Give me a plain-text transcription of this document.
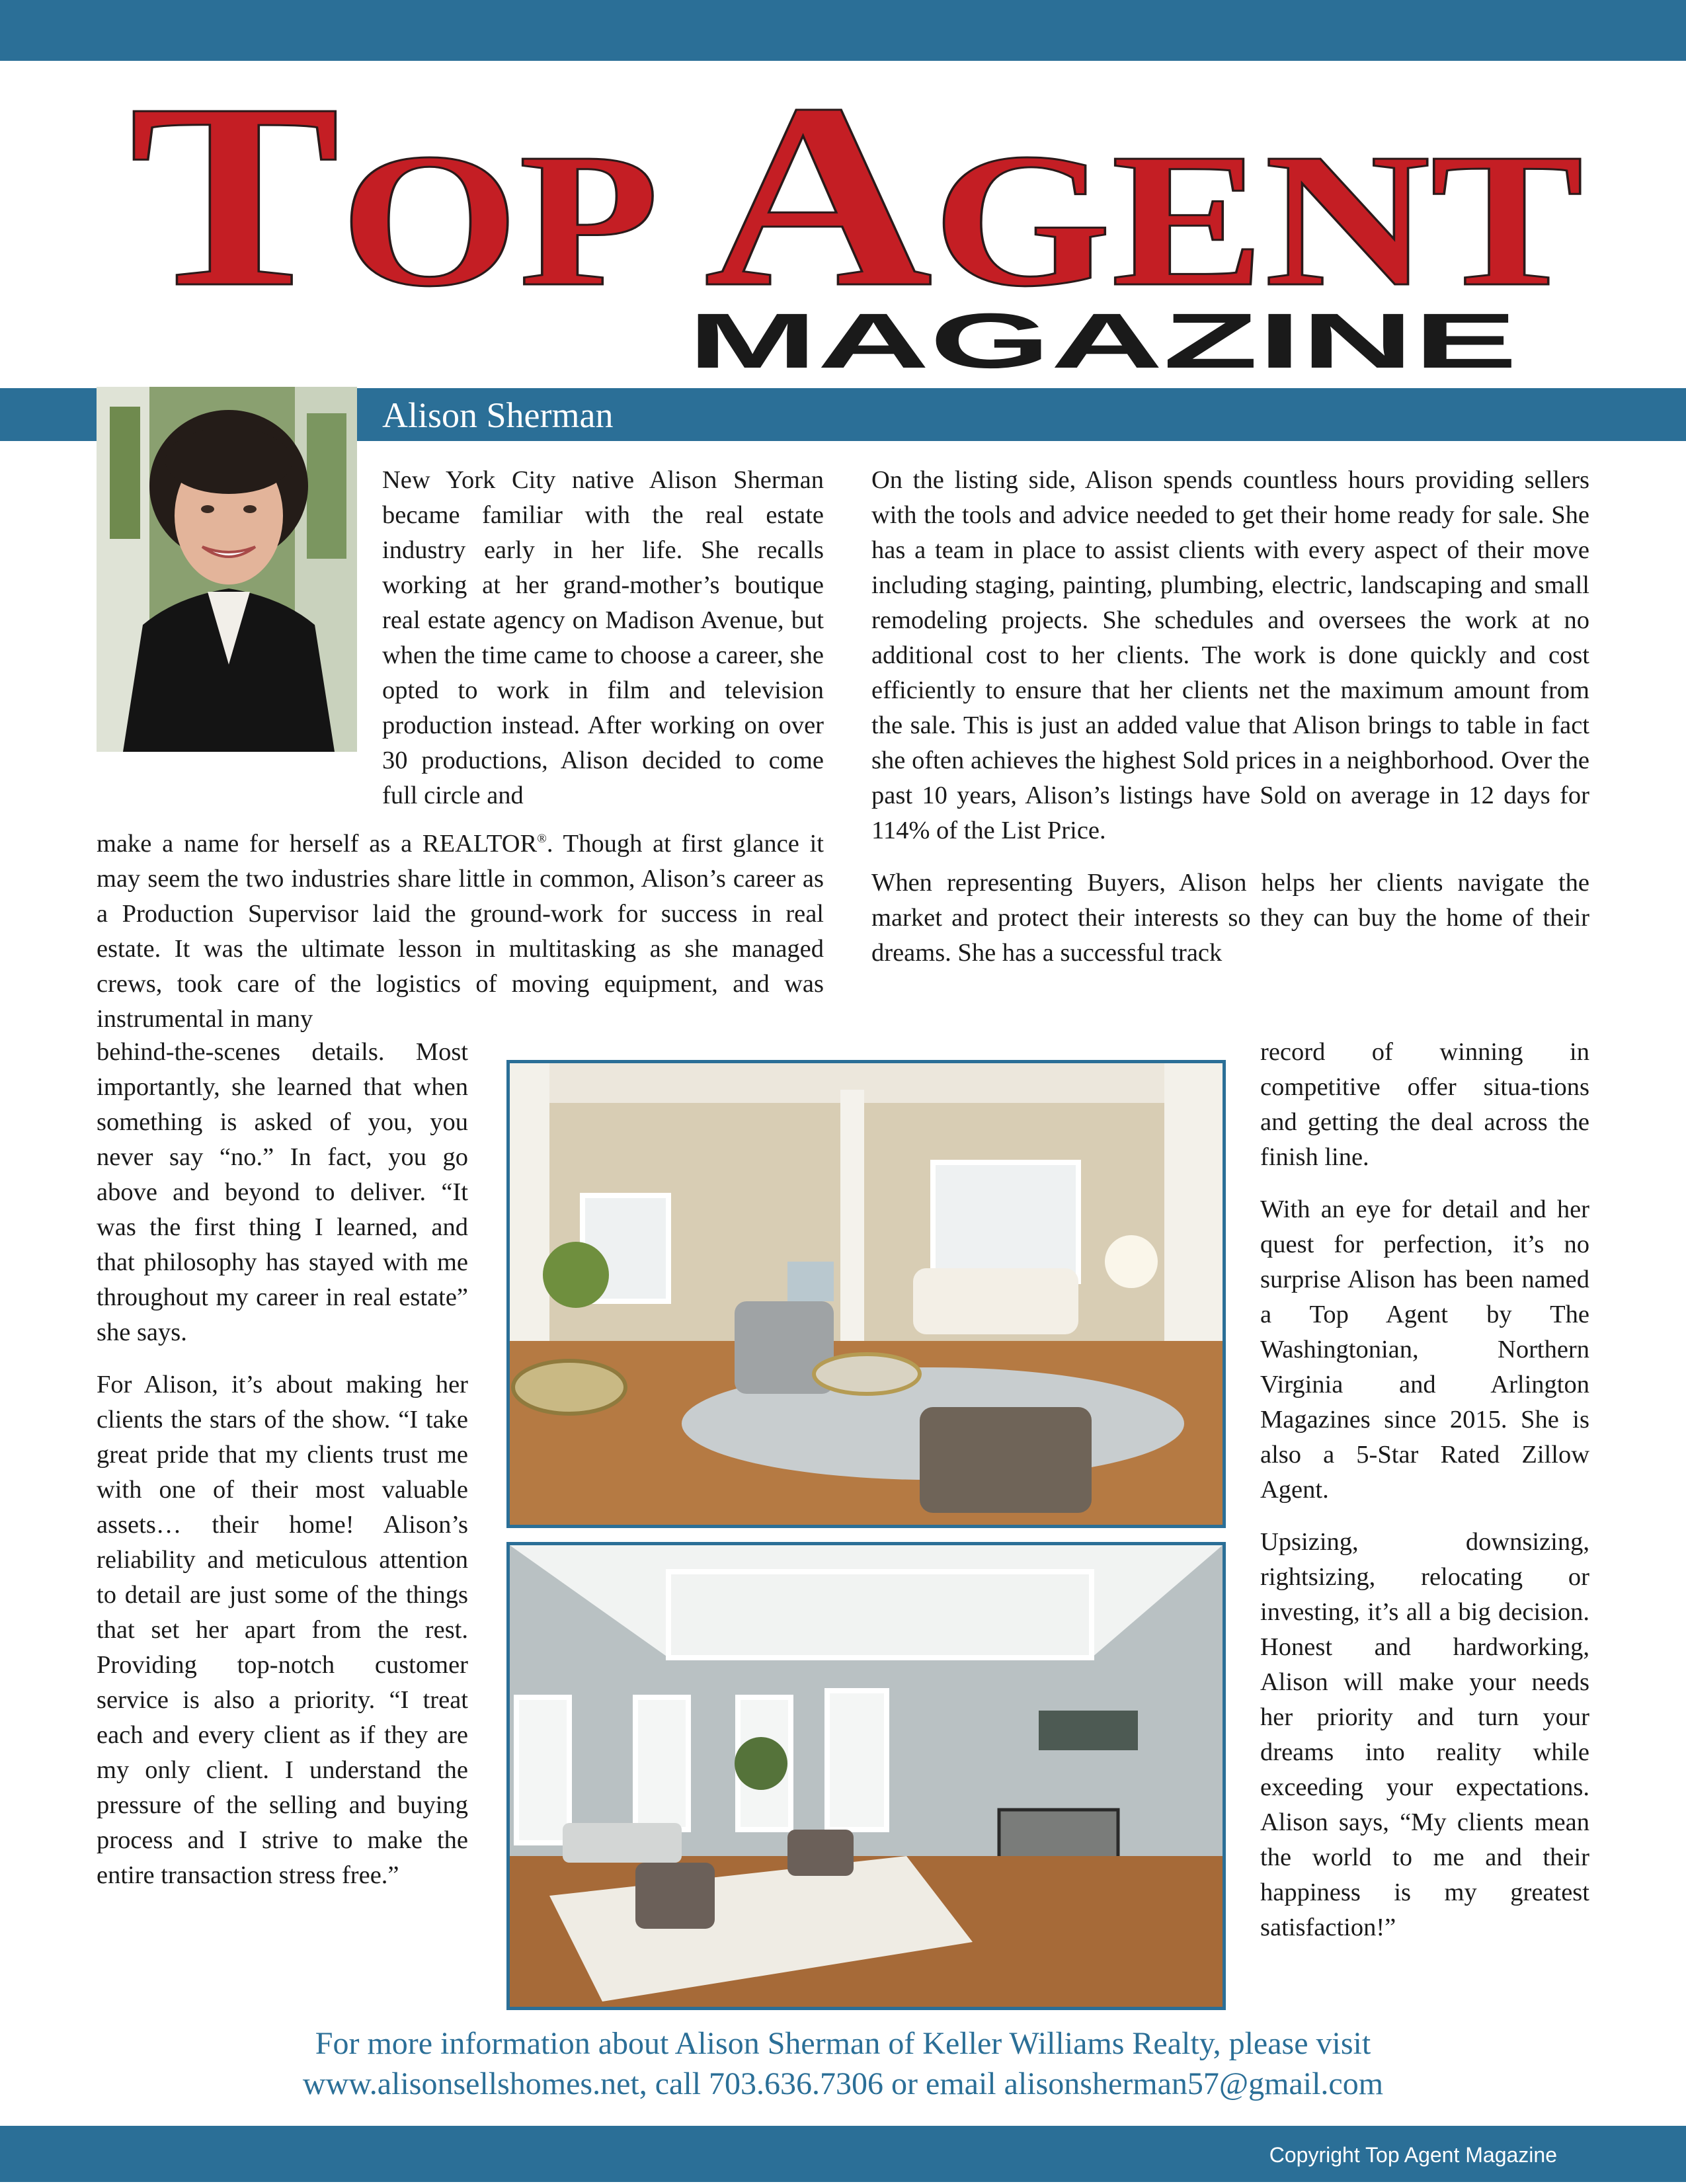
T OP A GENT
MAGAZINE
Alison Sherman
New York City native Alison Sherman became familiar with the real estate industry early in her life. She recalls working at her grand-mother’s boutique real estate agency on Madison Avenue, but when the time came to choose a career, she opted to work in film and television production instead. After working on over 30 productions, Alison decided to come full circle and
make a name for herself as a REALTOR®. Though at first glance it may seem the two industries share little in common, Alison’s career as a Production Supervisor laid the ground-work for success in real estate. It was the ultimate lesson in multitasking as she managed crews, took care of the logistics of moving equipment, and was instrumental in many

behind-the-scenes details. Most importantly, she learned that when something is asked of you, you never say “no.” In fact, you go above and beyond to deliver. “It was the first thing I learned, and that philosophy has stayed with me throughout my career in real estate” she says.

For Alison, it’s about making her clients the stars of the show. “I take great pride that my clients trust me with one of their most valuable assets… their home! Alison’s reliability and meticulous attention to detail are just some of the things that set her apart from the rest. Providing top-notch customer service is also a priority. “I treat each and every client as if they are my only client. I understand the pressure of the selling and buying process and I strive to make the entire transaction stress free.”

On the listing side, Alison spends countless hours providing sellers with the tools and advice needed to get their home ready for sale. She has a team in place to assist clients with every aspect of their move including staging, painting, plumbing, electric, landscaping and small remodeling projects. She schedules and oversees the work at no additional cost to her clients. The work is done quickly and cost efficiently to ensure that her clients net the maximum amount from the sale. This is just an added value that Alison brings to table in fact she often achieves the highest Sold prices in a neighborhood. Over the past 10 years, Alison’s listings have Sold on average in 12 days for 114% of the List Price.

When representing Buyers, Alison helps her clients navigate the market and protect their interests so they can buy the home of their dreams. She has a successful track

record of winning in competitive offer situa-tions and getting the deal across the finish line.

With an eye for detail and her quest for perfection, it’s no surprise Alison has been named a Top Agent by The Washingtonian, Northern Virginia and Arlington Magazines since 2015. She is also a 5-Star Rated Zillow Agent.

Upsizing, downsizing, rightsizing, relocating or investing, it’s all a big decision. Honest and hardworking, Alison will make your needs her priority and turn your dreams into reality while exceeding your expectations. Alison says, “My clients mean the world to me and their happiness is my greatest satisfaction!”

For more information about Alison Sherman of Keller Williams Realty, please visit
www.alisonsellshomes.net, call 703.636.7306 or email alisonsherman57@gmail.com
Copyright Top Agent Magazine
